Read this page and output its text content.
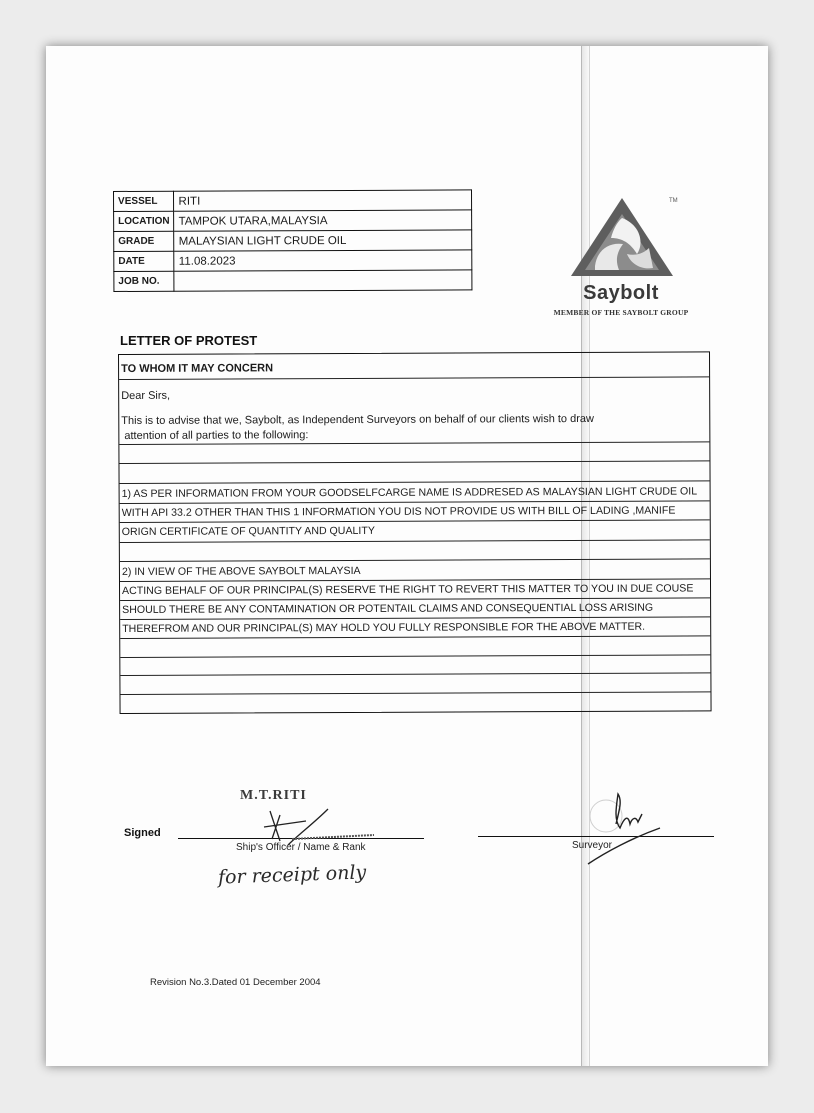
VESSEL	RITI
LOCATION	TAMPOK UTARA,MALAYSIA
GRADE	MALAYSIAN LIGHT CRUDE OIL
DATE	11.08.2023
JOB NO.	
TM
Saybolt
MEMBER OF THE SAYBOLT GROUP
LETTER OF PROTEST
TO WHOM IT MAY CONCERN
Dear Sirs,
This is to advise that we, Saybolt, as Independent Surveyors on behalf of our clients wish to draw
attention of all parties to the following:
1) AS PER INFORMATION FROM YOUR GOODSELFCARGE NAME IS ADDRESED AS MALAYSIAN LIGHT CRUDE OIL
WITH API 33.2 OTHER THAN THIS 1 INFORMATION YOU DIS NOT PROVIDE US WITH BILL OF LADING ,MANIFE
ORIGN CERTIFICATE OF QUANTITY AND QUALITY
2) IN VIEW OF THE ABOVE SAYBOLT MALAYSIA
ACTING BEHALF OF OUR PRINCIPAL(S) RESERVE THE RIGHT TO REVERT THIS MATTER TO YOU IN DUE COUSE
SHOULD THERE BE ANY CONTAMINATION OR POTENTAIL CLAIMS AND CONSEQUENTIAL LOSS ARISING
THEREFROM AND OUR PRINCIPAL(S) MAY HOLD YOU FULLY RESPONSIBLE FOR THE ABOVE MATTER.
M.T.RITI
Signed
Ship's Officer / Name & Rank	Surveyor
for receipt only
Revision No.3.Dated 01 December 2004
